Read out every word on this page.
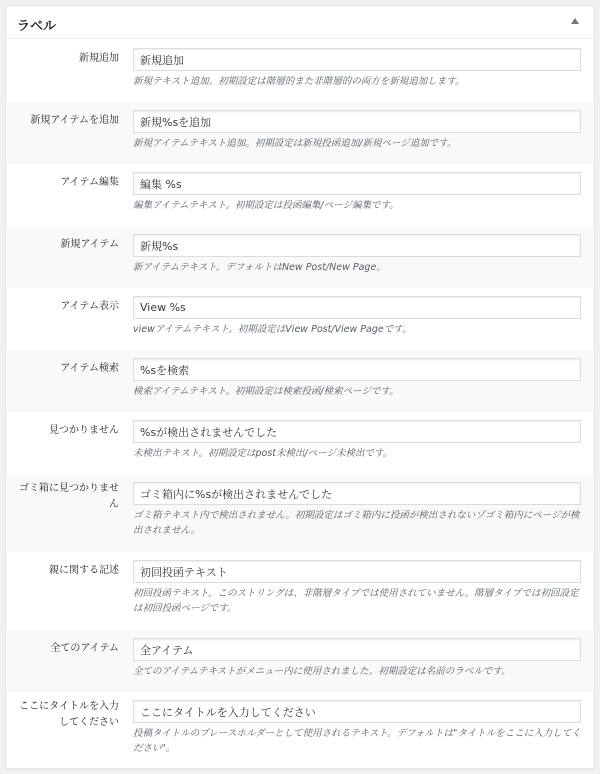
ラベル
新規追加
新規追加
新規テキスト追加。初期設定は階層的また非階層的の両方を新規追加します。
新規アイテムを追加
新規%sを追加
新規アイテムテキスト追加。初期設定は新規投函追加/新規ページ追加です。
アイテム編集
編集 %s
編集アイテムテキスト。初期設定は投函編集/ページ編集です。
新規アイテム
新規%s
新アイテムテキスト。デフォルトはNew Post/New Page。
アイテム表示
View %s
viewアイテムテキスト。初期設定はView Post/View Pageです。
アイテム検索
%sを検索
検索アイテムテキスト。初期設定は検索投函/検索ページです。
見つかりません
%sが検出されませんでした
未検出テキスト。初期設定はpost未検出/ページ未検出です。
ゴミ箱に見つかりません
ゴミ箱内に%sが検出されませんでした
ゴミ箱テキスト内で検出されません。初期設定はゴミ箱内に投函が検出されないゾゴミ箱内にページが検出されません。
親に関する記述
初回投函テキスト
初回投函テキスト。このストリングは、非階層タイプでは使用されていません。階層タイプでは初回設定は初回投函ページです。
全てのアイテム
全アイテム
全てのアイテムテキストがメニュー内に使用されました。初期設定は名前のラベルです。
ここにタイトルを入力してください
ここにタイトルを入力してください
投稿タイトルのプレースホルダーとして使用されるテキスト。デフォルトは"タイトルをここに入力してください"。
